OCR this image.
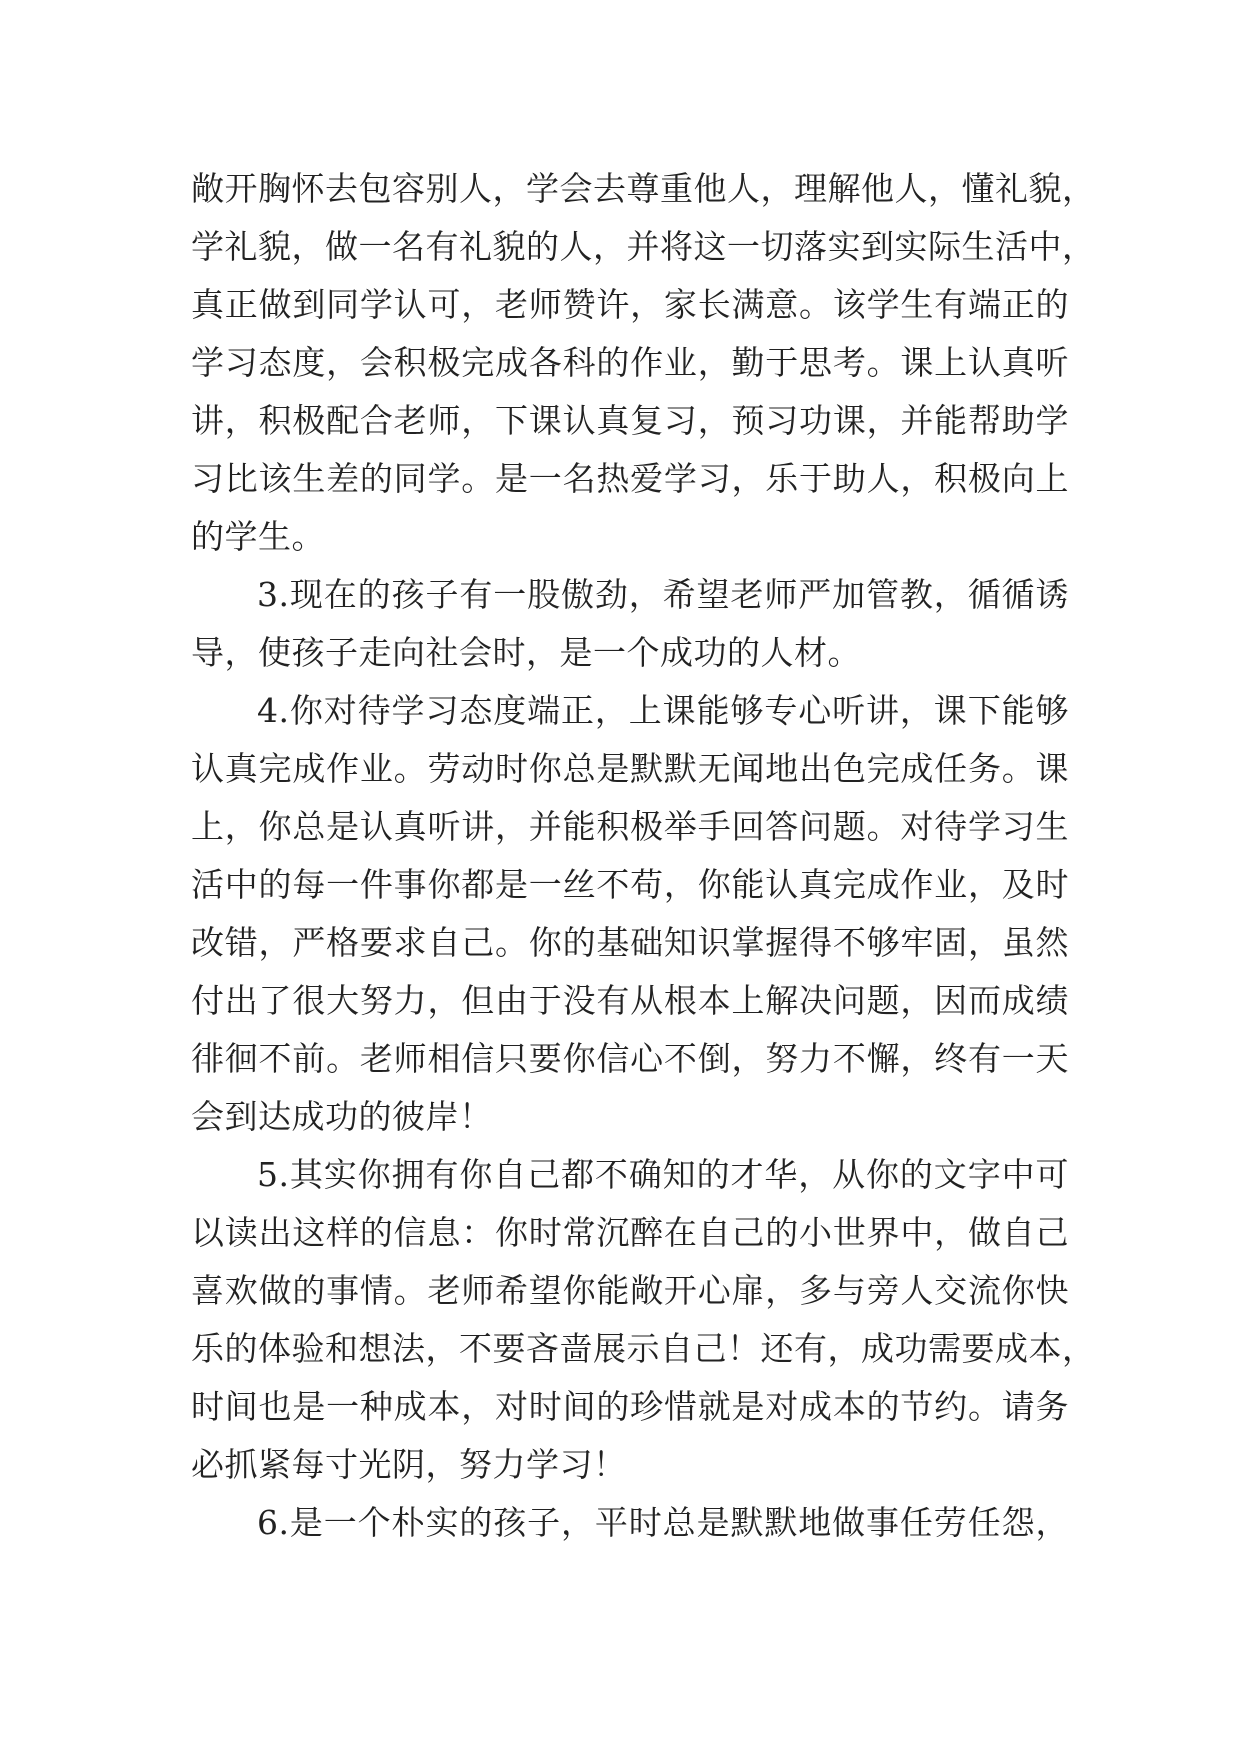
敞开胸怀去包容别人，学会去尊重他人，理解他人，懂礼貌，
学礼貌，做一名有礼貌的人，并将这一切落实到实际生活中，
真正做到同学认可，老师赞许，家长满意。该学生有端正的
学习态度，会积极完成各科的作业，勤于思考。课上认真听
讲，积极配合老师，下课认真复习，预习功课，并能帮助学
习比该生差的同学。是一名热爱学习，乐于助人，积极向上
的学生。
3.现在的孩子有一股傲劲，希望老师严加管教，循循诱
导，使孩子走向社会时，是一个成功的人材。
4.你对待学习态度端正，上课能够专心听讲，课下能够
认真完成作业。劳动时你总是默默无闻地出色完成任务。课
上，你总是认真听讲，并能积极举手回答问题。对待学习生
活中的每一件事你都是一丝不苟，你能认真完成作业，及时
改错，严格要求自己。你的基础知识掌握得不够牢固，虽然
付出了很大努力，但由于没有从根本上解决问题，因而成绩
徘徊不前。老师相信只要你信心不倒，努力不懈，终有一天
会到达成功的彼岸！
5.其实你拥有你自己都不确知的才华，从你的文字中可
以读出这样的信息：你时常沉醉在自己的小世界中，做自己
喜欢做的事情。老师希望你能敞开心扉，多与旁人交流你快
乐的体验和想法，不要吝啬展示自己！还有，成功需要成本，
时间也是一种成本，对时间的珍惜就是对成本的节约。请务
必抓紧每寸光阴，努力学习！
6.是一个朴实的孩子，平时总是默默地做事任劳任怨，
